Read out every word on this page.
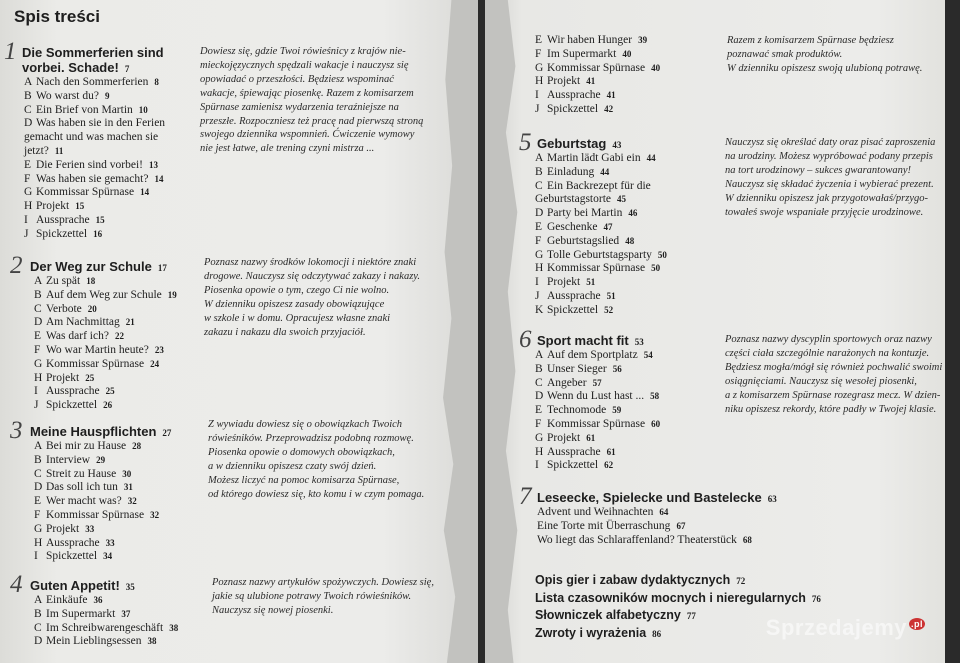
Spis treści
1 Die Sommerferien sind
vorbei. Schade! 7
A Nach den Sommerferien 8
B Wo warst du? 9
C Ein Brief von Martin 10
D Was haben sie in den Ferien
gemacht und was machen sie
jetzt? 11
E Die Ferien sind vorbei! 13
F Was haben sie gemacht? 14
G Kommissar Spürnase 14
H Projekt 15
I Aussprache 15
J Spickzettel 16
Dowiesz się, gdzie Twoi rówieśnicy z krajów nie-
mieckojęzycznych spędzali wakacje i nauczysz się
opowiadać o przeszłości. Będziesz wspominać
wakacje, śpiewając piosenkę. Razem z komisarzem
Spürnase zamienisz wydarzenia teraźniejsze na
przeszłe. Rozpoczniesz też pracę nad pierwszą stroną
swojego dziennika wspomnień. Ćwiczenie wymowy
nie jest łatwe, ale trening czyni mistrza ...
2 Der Weg zur Schule 17
A Zu spät 18
B Auf dem Weg zur Schule 19
C Verbote 20
D Am Nachmittag 21
E Was darf ich? 22
F Wo war Martin heute? 23
G Kommissar Spürnase 24
H Projekt 25
I Aussprache 25
J Spickzettel 26
Poznasz nazwy środków lokomocji i niektóre znaki
drogowe. Nauczysz się odczytywać zakazy i nakazy.
Piosenka opowie o tym, czego Ci nie wolno.
W dzienniku opiszesz zasady obowiązujące
w szkole i w domu. Opracujesz własne znaki
zakazu i nakazu dla swoich przyjaciół.
3 Meine Hauspflichten 27
A Bei mir zu Hause 28
B Interview 29
C Streit zu Hause 30
D Das soll ich tun 31
E Wer macht was? 32
F Kommissar Spürnase 32
G Projekt 33
H Aussprache 33
I Spickzettel 34
Z wywiadu dowiesz się o obowiązkach Twoich
rówieśników. Przeprowadzisz podobną rozmowę.
Piosenka opowie o domowych obowiązkach,
a w dzienniku opiszesz czaty swój dzień.
Możesz liczyć na pomoc komisarza Spürnase,
od którego dowiesz się, kto komu i w czym pomaga.
4 Guten Appetit! 35
A Einkäufe 36
B Im Supermarkt 37
C Im Schreibwarengeschäft 38
D Mein Lieblingsessen 38
Poznasz nazwy artykułów spożywczych. Dowiesz się,
jakie są ulubione potrawy Twoich rówieśników.
Nauczysz się nowej piosenki.
E Wir haben Hunger 39
F Im Supermarkt 40
G Kommissar Spürnase 40
H Projekt 41
I Aussprache 41
J Spickzettel 42
Razem z komisarzem Spürnase będziesz
poznawać smak produktów.
W dzienniku opiszesz swoją ulubioną potrawę.
5 Geburtstag 43
A Martin lädt Gabi ein 44
B Einladung 44
C Ein Backrezept für die
Geburtstagstorte 45
D Party bei Martin 46
E Geschenke 47
F Geburtstagslied 48
G Tolle Geburtstagsparty 50
H Kommissar Spürnase 50
I Projekt 51
J Aussprache 51
K Spickzettel 52
Nauczysz się określać daty oraz pisać zaproszenia
na urodziny. Możesz wypróbować podany przepis
na tort urodzinowy – sukces gwarantowany!
Nauczysz się składać życzenia i wybierać prezent.
W dzienniku opiszesz jak przygotowałaś/przygo-
towałeś swoje wspaniałe przyjęcie urodzinowe.
6 Sport macht fit 53
A Auf dem Sportplatz 54
B Unser Sieger 56
C Angeber 57
D Wenn du Lust hast ... 58
E Technomode 59
F Kommissar Spürnase 60
G Projekt 61
H Aussprache 61
I Spickzettel 62
Poznasz nazwy dyscyplin sportowych oraz nazwy
części ciała szczególnie narażonych na kontuzje.
Będziesz mogła/mógł się również pochwalić swoimi
osiągnięciami. Nauczysz się wesołej piosenki,
a z komisarzem Spürnase rozegrasz mecz. W dzien-
niku opiszesz rekordy, które padły w Twojej klasie.
7 Leseecke, Spielecke und Bastelecke 63
Advent und Weihnachten 64
Eine Torte mit Überraschung 67
Wo liegt das Schlaraffenland? Theaterstück 68
Opis gier i zabaw dydaktycznych 72
Lista czasowników mocnych i nieregularnych 76
Słowniczek alfabetyczny 77
Zwroty i wyrażenia 86	Sprzedajemy $^{.pl}$
